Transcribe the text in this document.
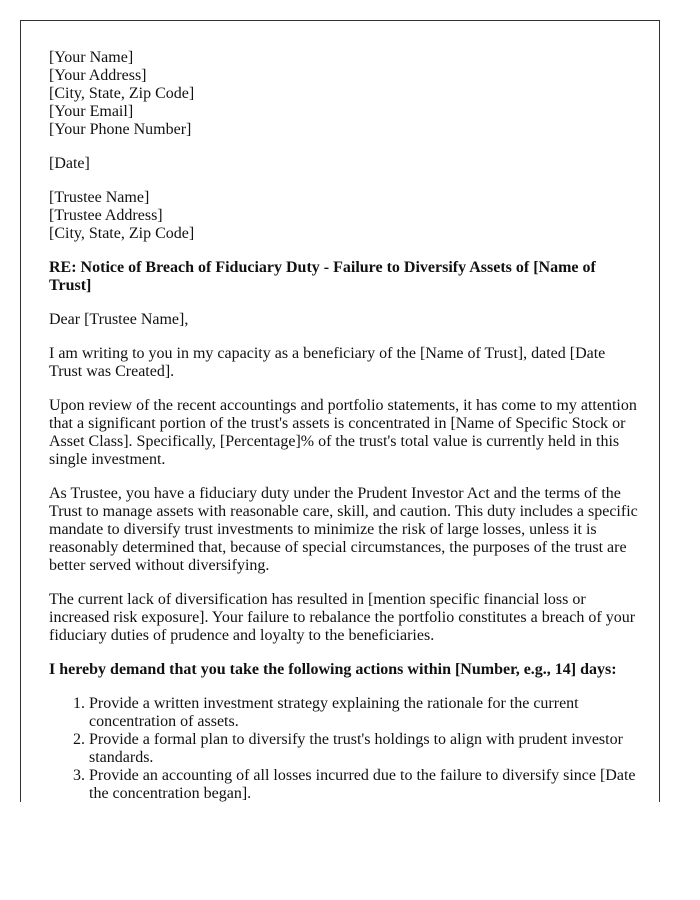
[Your Name]
[Your Address]
[City, State, Zip Code]
[Your Email]
[Your Phone Number]

[Date]

[Trustee Name]
[Trustee Address]
[City, State, Zip Code]

RE: Notice of Breach of Fiduciary Duty - Failure to Diversify Assets of [Name of Trust]

Dear [Trustee Name],

I am writing to you in my capacity as a beneficiary of the [Name of Trust], dated [Date Trust was Created].

Upon review of the recent accountings and portfolio statements, it has come to my attention that a significant portion of the trust's assets is concentrated in [Name of Specific Stock or Asset Class]. Specifically, [Percentage]% of the trust's total value is currently held in this single investment.

As Trustee, you have a fiduciary duty under the Prudent Investor Act and the terms of the Trust to manage assets with reasonable care, skill, and caution. This duty includes a specific mandate to diversify trust investments to minimize the risk of large losses, unless it is reasonably determined that, because of special circumstances, the purposes of the trust are better served without diversifying.

The current lack of diversification has resulted in [mention specific financial loss or increased risk exposure]. Your failure to rebalance the portfolio constitutes a breach of your fiduciary duties of prudence and loyalty to the beneficiaries.

I hereby demand that you take the following actions within [Number, e.g., 14] days:

1. Provide a written investment strategy explaining the rationale for the current concentration of assets.
2. Provide a formal plan to diversify the trust's holdings to align with prudent investor standards.
3. Provide an accounting of all losses incurred due to the failure to diversify since [Date the concentration began].
